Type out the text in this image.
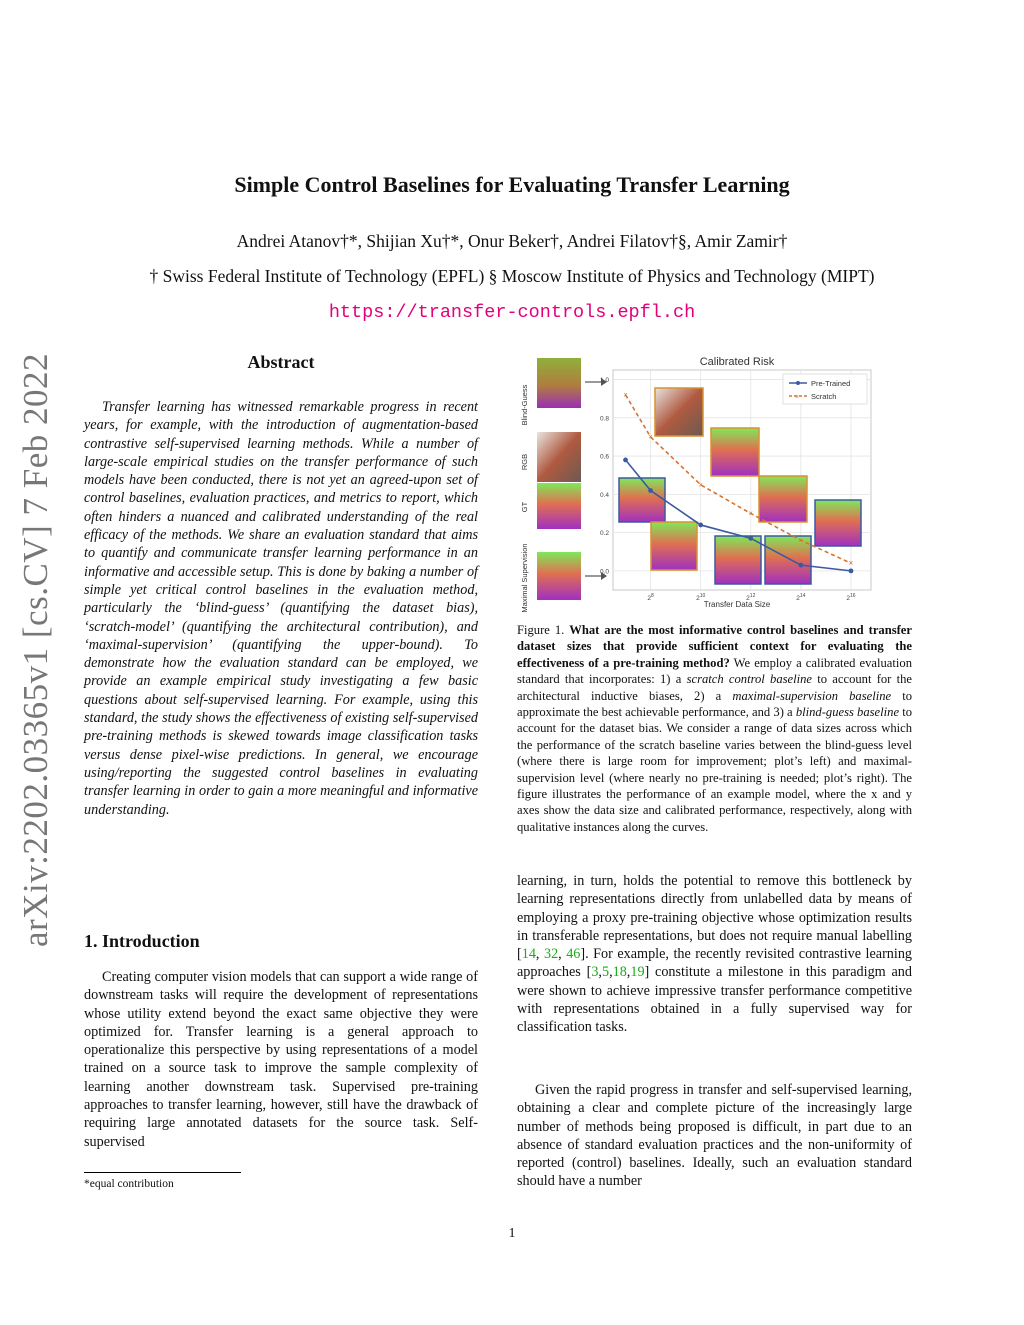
arXiv:2202.03365v1 [cs.CV] 7 Feb 2022
Simple Control Baselines for Evaluating Transfer Learning
Andrei Atanov†*, Shijian Xu†*, Onur Beker†, Andrei Filatov†§, Amir Zamir†
† Swiss Federal Institute of Technology (EPFL) § Moscow Institute of Physics and Technology (MIPT)
https://transfer-controls.epfl.ch
Abstract
Transfer learning has witnessed remarkable progress in recent years, for example, with the introduction of augmentation-based contrastive self-supervised learning methods. While a number of large-scale empirical studies on the transfer performance of such models have been conducted, there is not yet an agreed-upon set of control baselines, evaluation practices, and metrics to report, which often hinders a nuanced and calibrated understanding of the real efficacy of the methods. We share an evaluation standard that aims to quantify and communicate transfer learning performance in an informative and accessible setup. This is done by baking a number of simple yet critical control baselines in the evaluation method, particularly the ‘blind-guess’ (quantifying the dataset bias), ‘scratch-model’ (quantifying the architectural contribution), and ‘maximal-supervision’ (quantifying the upper-bound). To demonstrate how the evaluation standard can be employed, we provide an example empirical study investigating a few basic questions about self-supervised learning. For example, using this standard, the study shows the effectiveness of existing self-supervised pre-training methods is skewed towards image classification tasks versus dense pixel-wise predictions. In general, we encourage using/reporting the suggested control baselines in evaluating transfer learning in order to gain a more meaningful and informative understanding.
1. Introduction
Creating computer vision models that can support a wide range of downstream tasks will require the development of representations whose utility extend beyond the exact same objective they were optimized for. Transfer learning is a general approach to operationalize this perspective by using representations of a model trained on a source task to improve the sample complexity of learning another downstream task. Supervised pre-training approaches to transfer learning, however, still have the drawback of requiring large annotated datasets for the source task. Self-supervised
*equal contribution
Blind-Guess
RGB
GT
Maximal Supervision	0.0
0.2
0.4
0.6
0.8
1.0
$2^8$	$2^{10}$	$2^{12}$	$2^{14}$	$2^{16}$
Calibrated Risk
Transfer Data Size
×
×
×
×
×
×
Pre-Trained
× Scratch
Figure 1. What are the most informative control baselines and transfer dataset sizes that provide sufficient context for evaluating the effectiveness of a pre-training method? We employ a calibrated evaluation standard that incorporates: 1) a scratch control baseline to account for the architectural inductive biases, 2) a maximal-supervision baseline to approximate the best achievable performance, and 3) a blind-guess baseline to account for the dataset bias. We consider a range of data sizes across which the performance of the scratch baseline varies between the blind-guess level (where there is large room for improvement; plot’s left) and maximal-supervision level (where nearly no pre-training is needed; plot’s right). The figure illustrates the performance of an example model, where the x and y axes show the data size and calibrated performance, respectively, along with qualitative instances along the curves.
learning, in turn, holds the potential to remove this bottleneck by learning representations directly from unlabelled data by means of employing a proxy pre-training objective whose optimization results in transferable representations, but does not require manual labelling [14, 32, 46]. For example, the recently revisited contrastive learning approaches [3,5,18,19] constitute a milestone in this paradigm and were shown to achieve impressive transfer performance competitive with representations obtained in a fully supervised way for classification tasks.
Given the rapid progress in transfer and self-supervised learning, obtaining a clear and complete picture of the increasingly large number of methods being proposed is difficult, in part due to an absence of standard evaluation practices and the non-uniformity of reported (control) baselines. Ideally, such an evaluation standard should have a number
1
